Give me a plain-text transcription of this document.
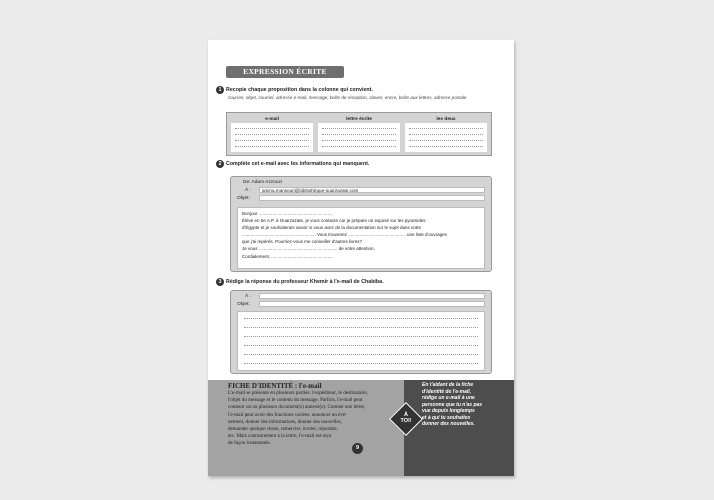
EXPRESSION ÉCRITE
1 Recopie chaque proposition dans la colonne qui convient.
courrier, objet, courriel, adresse e-mail, message, boîte de réception, clavier, encre, boîte aux lettres, adresse postale
e-mail	lettre écrite	les deux
2 Complète cet e-mail avec les informations qui manquent.
De: Adam Azzouzi
À :	amina.mansouri@bibliothèque-ouarzazate.com
Objet:
Bonjour ......................................................... ,
Élève en 5e A.P. à Ouarzazate, je vous contacte car je prépare un exposé sur les pyramides
d'Égypte et je souhaiterais savoir si vous avez de la documentation sur le sujet dans votre
........................................................... Vous trouverez .............................................. une liste d'ouvrages
que j'ai repérés. Pourriez-vous me conseiller d'autres livres?
Je vous ............................................................... de votre attention,
Cordialement, .................................................
3 Rédige la réponse du professeur Khemir à l'e-mail de Chabiba.
À :
Objet:
FICHE D'IDENTITÉ : l'e-mail
L'e-mail se présente en plusieurs parties: l'expéditeur, le destinataire,
l'objet du message et le contenu du message. Parfois, l'e-mail peut
contenir un ou plusieurs document(s) annexe(s). Comme une lettre,
l'e-mail peut avoir des fonctions variées: annoncer un évé-
nement, donner des informations, donner des nouvelles,
demander quelque chose, remercier, inviter, répondre,
etc. Mais contrairement à la lettre, l'e-mail est reçu
de façon instantanée.
À
TOI!
En t'aidant de la fiche
d'identité de l'e-mail,
rédige un e-mail à une
personne que tu n'as pas
vue depuis longtemps
et à qui tu souhaites
donner des nouvelles.
9
